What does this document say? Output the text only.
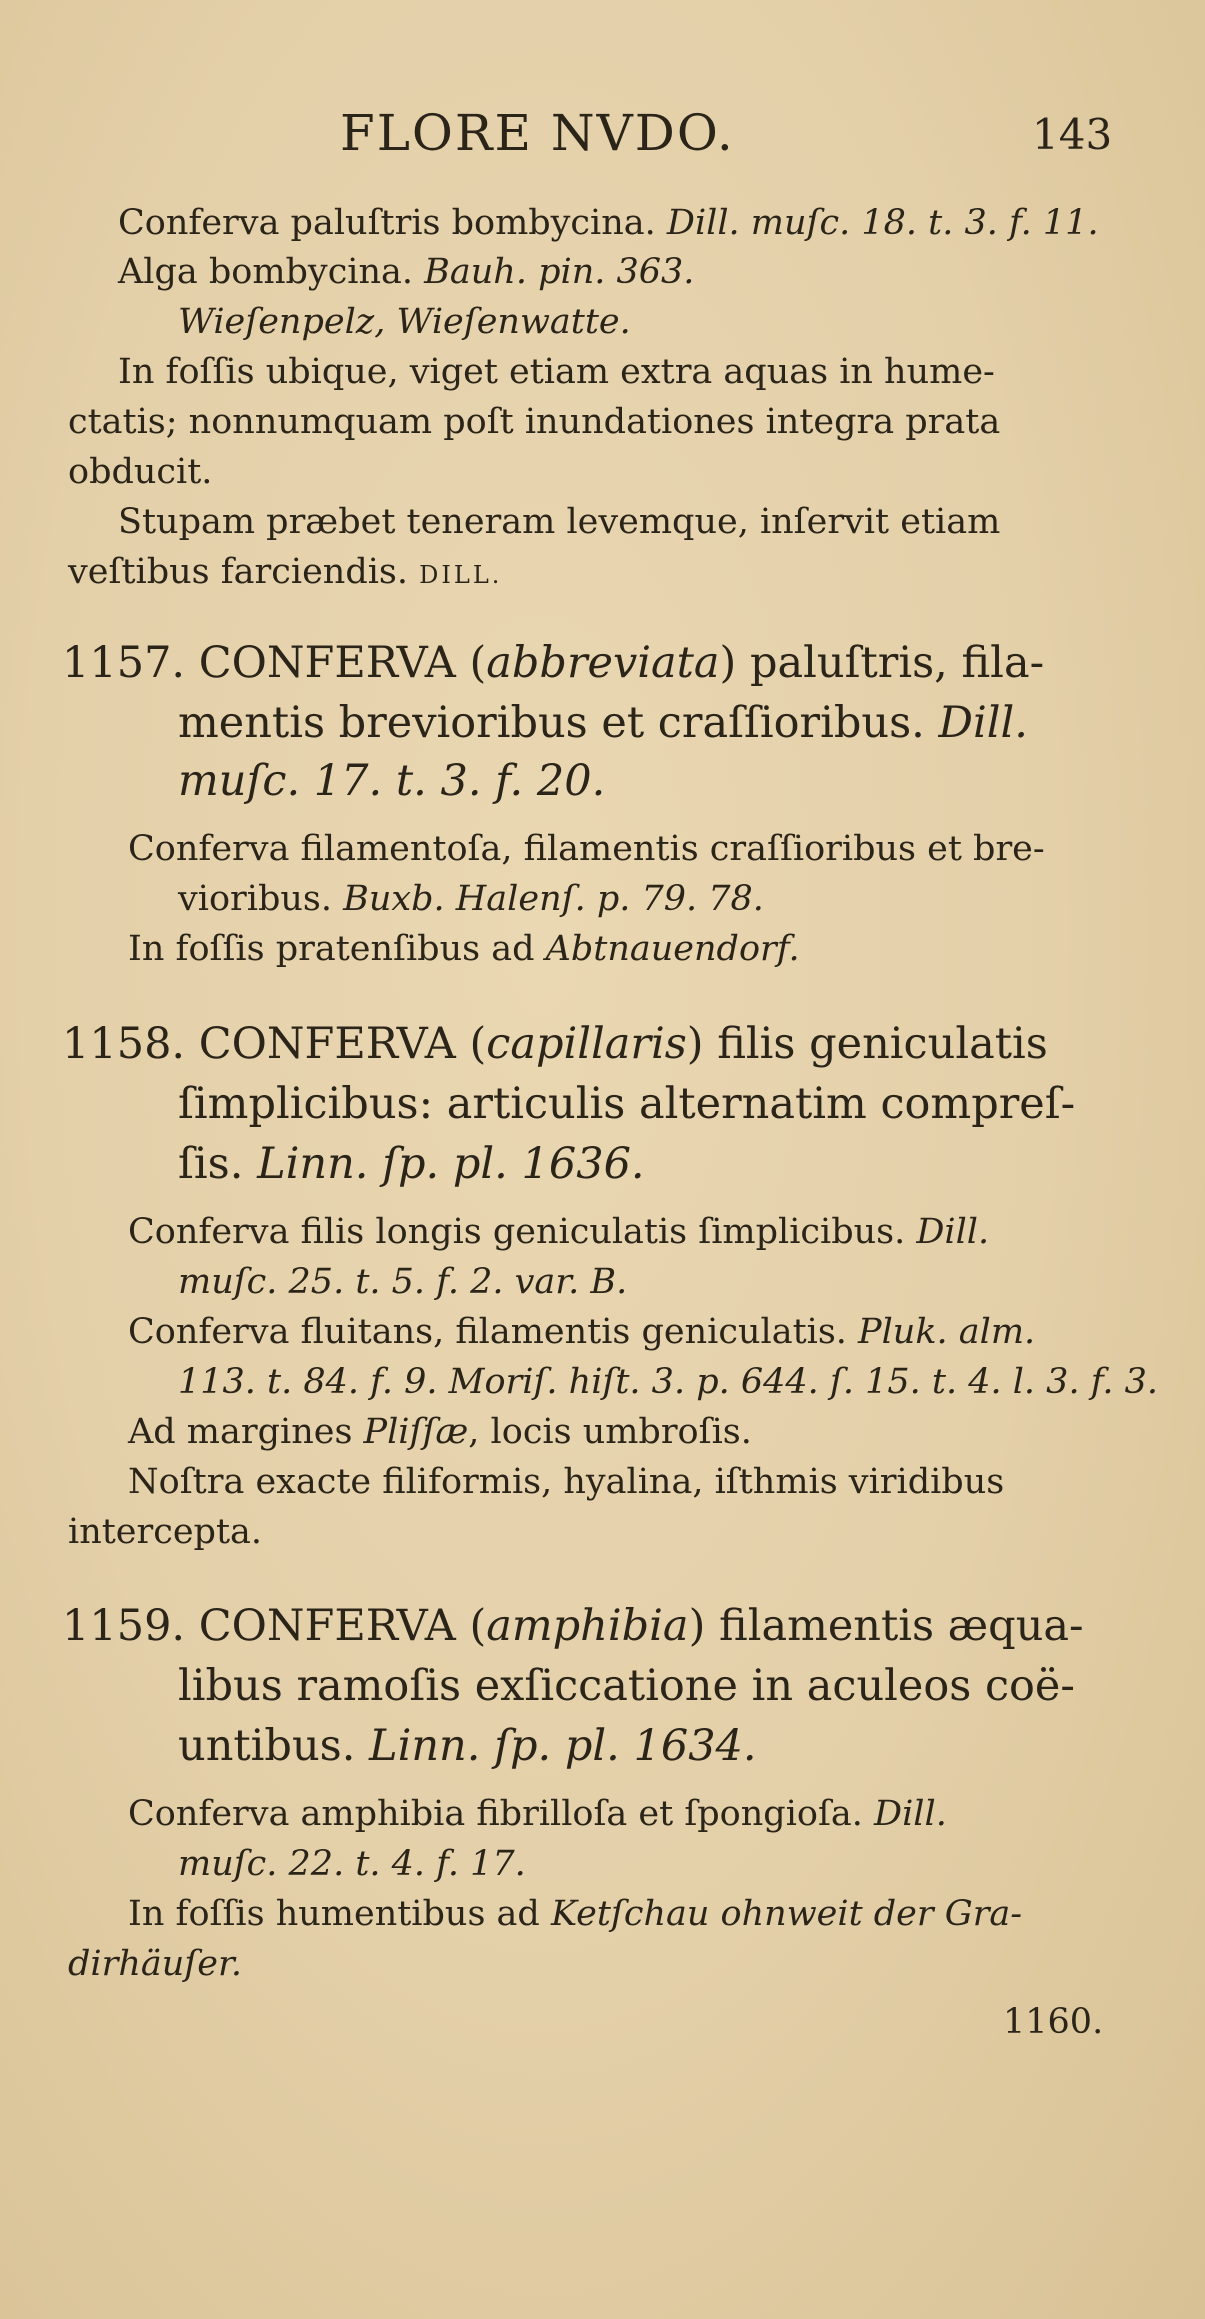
FLORE NVDO.	143
Conferva paluſtris bombycina. Dill. muſc. 18. t. 3. f. 11.
Alga bombycina. Bauh. pin. 363.
Wieſenpelz, Wieſenwatte.
In foſſis ubique, viget etiam extra aquas in hume-
ctatis; nonnumquam poſt inundationes integra prata
obducit.
Stupam præbet teneram levemque, inſervit etiam
veſtibus farciendis. DILL.
1157. CONFERVA (abbreviata) paluſtris, fila-
mentis brevioribus et craſſioribus. Dill.
muſc. 17. t. 3. f. 20.
Conferva filamentoſa, filamentis craſſioribus et bre-
vioribus. Buxb. Halenſ. p. 79. 78.
In foſſis pratenſibus ad Abtnauendorf.
1158. CONFERVA (capillaris) filis geniculatis
ſimplicibus: articulis alternatim compreſ-
ſis. Linn. ſp. pl. 1636.
Conferva filis longis geniculatis ſimplicibus. Dill.
muſc. 25. t. 5. f. 2. var. B.
Conferva fluitans, filamentis geniculatis. Pluk. alm.
113. t. 84. f. 9. Moriſ. hiſt. 3. p. 644. ſ. 15. t. 4. l. 3. f. 3.
Ad margines Pliſſæ, locis umbroſis.
Noſtra exacte filiformis, hyalina, iſthmis viridibus
intercepta.
1159. CONFERVA (amphibia) filamentis æqua-
libus ramoſis exſiccatione in aculeos coë-
untibus. Linn. ſp. pl. 1634.
Conferva amphibia fibrilloſa et ſpongioſa. Dill.
muſc. 22. t. 4. f. 17.
In foſſis humentibus ad Ketſchau ohnweit der Gra-
dirhäuſer.
1160.
